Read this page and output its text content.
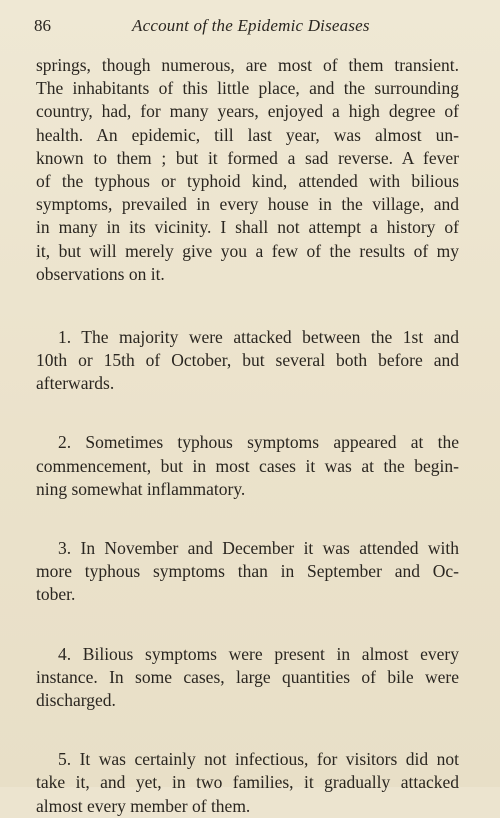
86	Account of the Epidemic Diseases
springs, though numerous, are most of them transient.
The inhabitants of this little place, and the surrounding
country, had, for many years, enjoyed a high degree of
health. An epidemic, till last year, was almost un-
known to them ; but it formed a sad reverse. A fever
of the typhous or typhoid kind, attended with bilious
symptoms, prevailed in every house in the village, and
in many in its vicinity. I shall not attempt a history of
it, but will merely give you a few of the results of my
observations on it.
1. The majority were attacked between the 1st and
10th or 15th of October, but several both before and
afterwards.
2. Sometimes typhous symptoms appeared at the
commencement, but in most cases it was at the begin-
ning somewhat inflammatory.
3. In November and December it was attended with
more typhous symptoms than in September and Oc-
tober.
4. Bilious symptoms were present in almost every
instance. In some cases, large quantities of bile were
discharged.
5. It was certainly not infectious, for visitors did not
take it, and yet, in two families, it gradually attacked
almost every member of them.
